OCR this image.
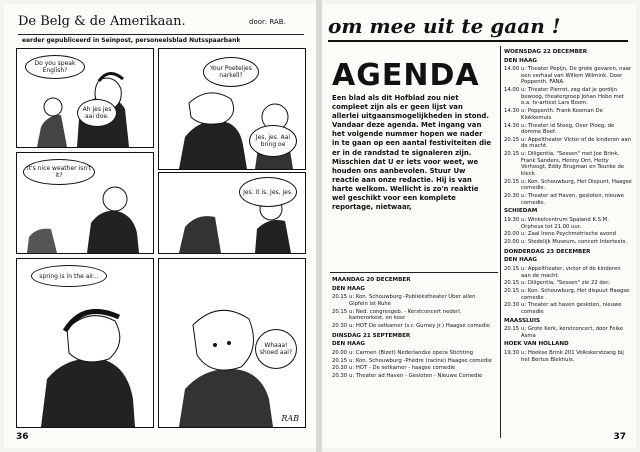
De Belg & de Amerikaan.	door: RAB.
eerder gepubliceerd in Seinpost, personeelsblad Nutsspaarbank
Do you speak English?
Ah jes jes aai doe.
Your Poeteljes narkell?
Jes, jes. Aai bring oe
It's nice weather isn't it?
Jes. it is. Jes, jes.
spring is in the air...
Whaaa! shoed aai?
RAB
36
om mee uit te gaan !
AGENDA

Een blad als dit Hofblad zou niet compleet zijn als er geen lijst van allerlei uitgaansmogelijkheden in stond. Vandaar deze agenda. Met ingang van het volgende nummer hopen we nader in te gaan op een aantal festiviteiten die er in de randstad te signaleren zijn. Misschien dat U er iets voor weet, we houden ons aanbevolen. Stuur Uw reactie aan onze redactie. Hij is van harte welkom. Wellicht is zo'n reaktie wel geschikt voor een komplete reportage, nietwaar,

MAANDAG 20 DECEMBER
DEN HAAG
20.15 u: Kon. Schouwburg -Publiekstheater Uber allen Gipfeln ist Ruhe
20.15 u: Ned. congresgeb. - Kerstconcert nederl. kamerorkest, en koor
20.30 u: HOT De setkamer (s.r. Gurney Jr.) Haagse comedie
DINSDAG 21 SEPTEMBER
DEN HAAG
20.00 u: Carmen (Bizet) Nederlandse opera Stichting
20.15 u: Kon. Schouwburg -Phèdre (racine) Haagse comedie
20.30 u: HOT - De setkamer - haagse comedie
20.30 u: Theater ad Haven - Gesloten - Nieuwe Comedie
WOENSDAG 22 DECEMBER
DEN HAAG
14.00 u: Theater Pepijn, De grote gevaren, naar een verhaal van Willem Wilmink. Door Poppenth. FANA.
14.00 u: Theater Pierrot, zag dat je gordijn bewoog, theatergroep Johan Hobo met o.a. tv-artiest Lars Boom.
14.30 u: Poppenth. Frank Kooman De Klokkemuis.
14.30 u: Theater id Steeg, Over Ploeg, de domme Boef.
20.15 u: Appeltheater Victor of de kinderen aan de macht.
20.15 u: Diligentia, "Sessen" met Joe Brink, Frank Sanders, Henny Orri, Hetty Verhoogt, Eddy Brugman en Teunke de kleck
20.15 u: Kon. Schouwburg, Het Dispunt, Haagse comedie.
20.30 u: Theater ad Haven, gesloten, nieuwe comedie.
SCHIEDAM
19.30 u: Winkelcentrum Spaland K.S.M. Orpheus tot 21.00 uur.
20.00 u: Zaal Irene Psychmetrische avond
20.00 u: Stedelijk Museum, concert Intertexts.
DONDERDAG 23 DECEMBER
DEN HAAG
20.15 u: Appeltheater, victor of de kinderen aan de macht.
20.15 u: Diligentia, "Sessen" zie 22 dec.
20.15 u: Kon. Schouwburg, Het dispuut Haagse comedie
20.30 u: Theater ad haven gesloten, nieuwe comedie
MAASSLUIS
20.15 u: Grote Kerk, kerstconcert, door Feike Asma
HOEK VAN HOLLAND
19.30 u: Hoekse Brink 201 Volkskerstzang bij het Bertus Blekhuis.
37
